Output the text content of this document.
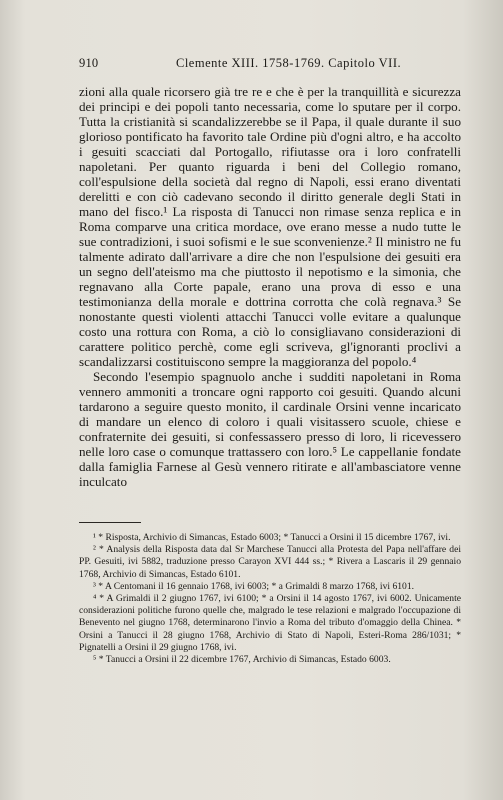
910	Clemente XIII. 1758-1769. Capitolo VII.

zioni alla quale ricorsero già tre re e che è per la tranquillità e sicurezza dei principi e dei popoli tanto necessaria, come lo sputare per il corpo. Tutta la cristianità si scandalizzerebbe se il Papa, il quale durante il suo glorioso pontificato ha favorito tale Ordine più d'ogni altro, e ha accolto i gesuiti scacciati dal Portogallo, rifiutasse ora i loro confratelli napoletani. Per quanto riguarda i beni del Collegio romano, coll'espulsione della società dal regno di Napoli, essi erano diventati derelitti e con ciò cadevano secondo il diritto generale degli Stati in mano del fisco.¹ La risposta di Tanucci non rimase senza replica e in Roma comparve una critica mordace, ove erano messe a nudo tutte le sue contradizioni, i suoi sofismi e le sue sconvenienze.² Il ministro ne fu talmente adirato dall'arrivare a dire che non l'espulsione dei gesuiti era un segno dell'ateismo ma che piuttosto il nepotismo e la simonia, che regnavano alla Corte papale, erano una prova di esso e una testimonianza della morale e dottrina corrotta che colà regnava.³ Se nonostante questi violenti attacchi Tanucci volle evitare a qualunque costo una rottura con Roma, a ciò lo consigliavano considerazioni di carattere politico perchè, come egli scriveva, gl'ignoranti proclivi a scandalizzarsi costituiscono sempre la maggioranza del popolo.⁴

Secondo l'esempio spagnuolo anche i sudditi napoletani in Roma vennero ammoniti a troncare ogni rapporto coi gesuiti. Quando alcuni tardarono a seguire questo monito, il cardinale Orsini venne incaricato di mandare un elenco di coloro i quali visitassero scuole, chiese e confraternite dei gesuiti, si confessassero presso di loro, li ricevessero nelle loro case o comunque trattassero con loro.⁵ Le cappellanie fondate dalla famiglia Farnese al Gesù vennero ritirate e all'ambasciatore venne inculcato

¹ * Risposta, Archivio di Simancas, Estado 6003; * Tanucci a Orsini il 15 dicembre 1767, ivi.

² * Analysis della Risposta data dal Sr Marchese Tanucci alla Protesta del Papa nell'affare dei PP. Gesuiti, ivi 5882, traduzione presso Carayon XVI 444 ss.; * Rivera a Lascaris il 29 gennaio 1768, Archivio di Simancas, Estado 6101.

³ * A Centomani il 16 gennaio 1768, ivi 6003; * a Grimaldi 8 marzo 1768, ivi 6101.

⁴ * A Grimaldi il 2 giugno 1767, ivi 6100; * a Orsini il 14 agosto 1767, ivi 6002. Unicamente considerazioni politiche furono quelle che, malgrado le tese relazioni e malgrado l'occupazione di Benevento nel giugno 1768, determinarono l'invio a Roma del tributo d'omaggio della Chinea. * Orsini a Tanucci il 28 giugno 1768, Archivio di Stato di Napoli, Esteri-Roma 286/1031; * Pignatelli a Orsini il 29 giugno 1768, ivi.

⁵ * Tanucci a Orsini il 22 dicembre 1767, Archivio di Simancas, Estado 6003.
